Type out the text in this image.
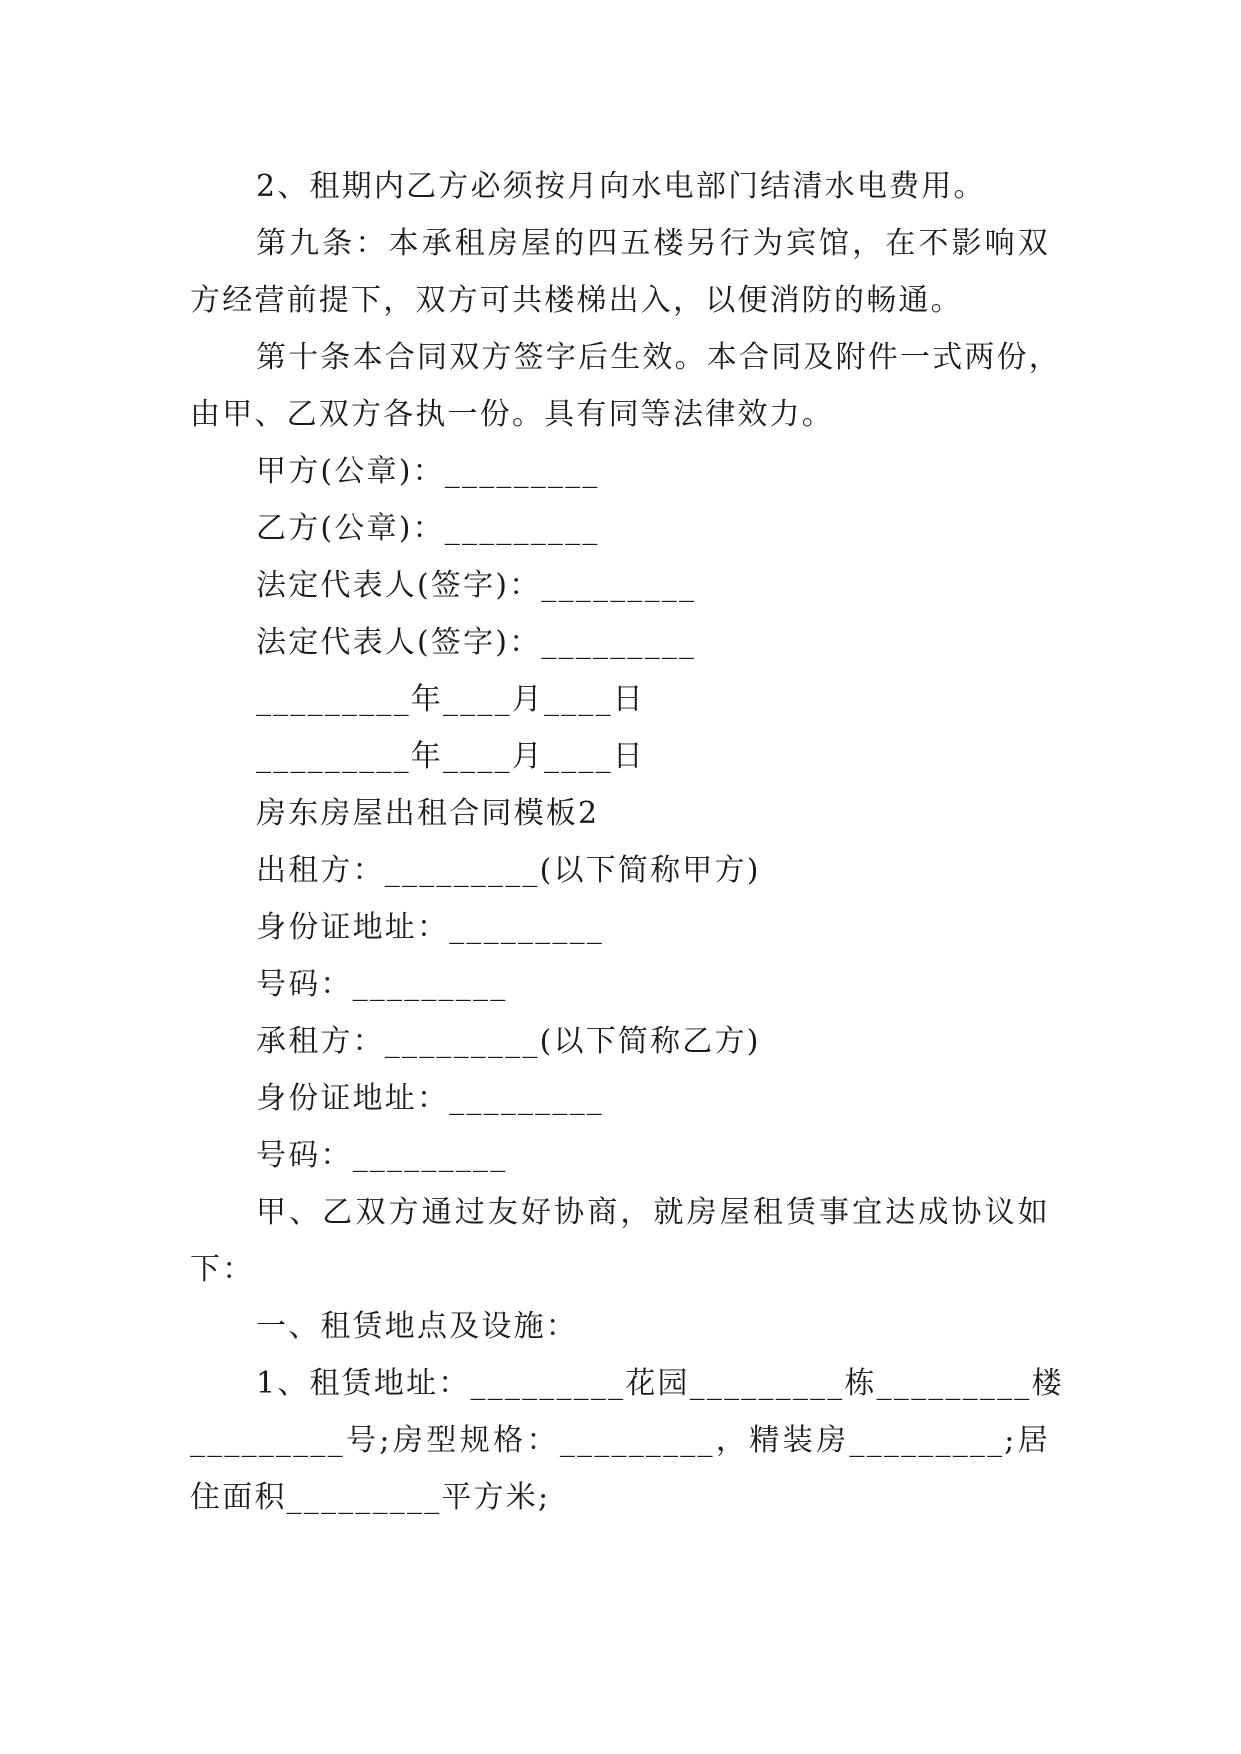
2、租期内乙方必须按月向水电部门结清水电费用。
第九条：本承租房屋的四五楼另行为宾馆，在不影响双
方经营前提下，双方可共楼梯出入，以便消防的畅通。
第十条本合同双方签字后生效。本合同及附件一式两份，
由甲、乙双方各执一份。具有同等法律效力。
甲方(公章)：_________
乙方(公章)：_________
法定代表人(签字)：_________
法定代表人(签字)：_________
_________年____月____日
_________年____月____日
房东房屋出租合同模板2
出租方：_________(以下简称甲方)
身份证地址：_________
号码：_________
承租方：_________(以下简称乙方)
身份证地址：_________
号码：_________
甲、乙双方通过友好协商，就房屋租赁事宜达成协议如
下：
一、租赁地点及设施：
1、租赁地址：_________花园_________栋_________楼
_________号;房型规格：_________，精装房_________;居
住面积_________平方米;
